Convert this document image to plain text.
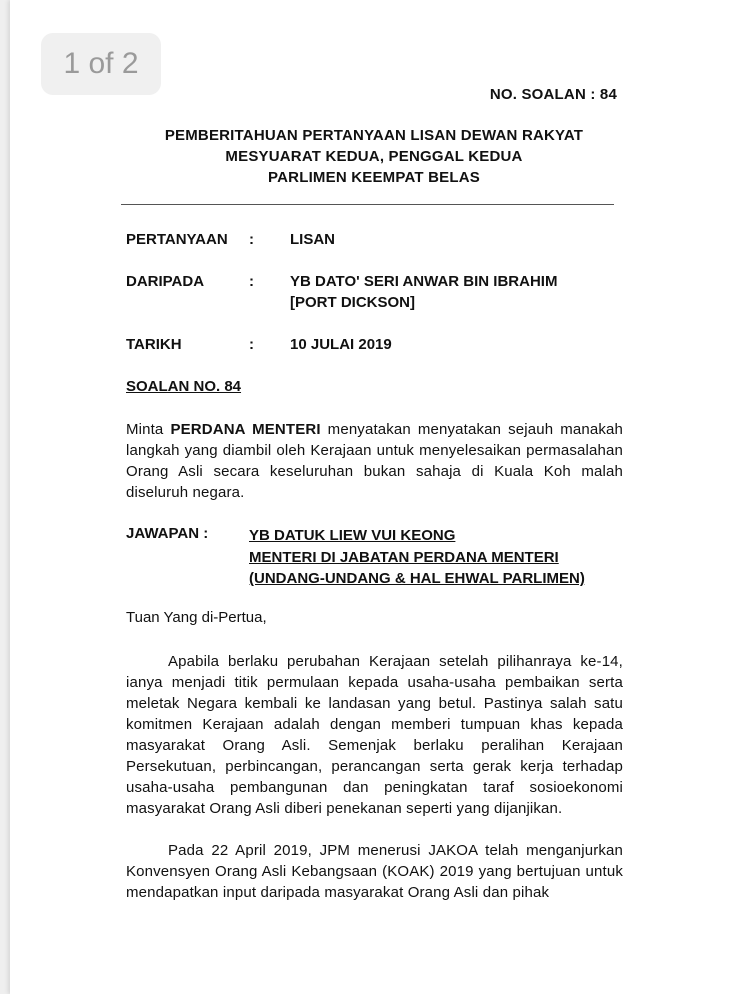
1 of 2
NO. SOALAN : 84
PEMBERITAHUAN PERTANYAAN LISAN DEWAN RAKYAT
MESYUARAT KEDUA, PENGGAL KEDUA
PARLIMEN KEEMPAT BELAS
PERTANYAAN : LISAN
DARIPADA	: YB DATO' SERI ANWAR BIN IBRAHIM
[PORT DICKSON]
TARIKH	: 10 JULAI 2019
SOALAN NO. 84
Minta PERDANA MENTERI menyatakan menyatakan sejauh manakah langkah yang diambil oleh Kerajaan untuk menyelesaikan permasalahan Orang Asli secara keseluruhan bukan sahaja di Kuala Koh malah diseluruh negara.
JAWAPAN :	YB DATUK LIEW VUI KEONG
MENTERI DI JABATAN PERDANA MENTERI
(UNDANG-UNDANG & HAL EHWAL PARLIMEN)
Tuan Yang di-Pertua,
Apabila berlaku perubahan Kerajaan setelah pilihanraya ke-14, ianya menjadi titik permulaan kepada usaha-usaha pembaikan serta meletak Negara kembali ke landasan yang betul. Pastinya salah satu komitmen Kerajaan adalah dengan memberi tumpuan khas kepada masyarakat Orang Asli. Semenjak berlaku peralihan Kerajaan Persekutuan, perbincangan, perancangan serta gerak kerja terhadap usaha-usaha pembangunan dan peningkatan taraf sosioekonomi masyarakat Orang Asli diberi penekanan seperti yang dijanjikan.
Pada 22 April 2019, JPM menerusi JAKOA telah menganjurkan Konvensyen Orang Asli Kebangsaan (KOAK) 2019 yang bertujuan untuk mendapatkan input daripada masyarakat Orang Asli dan pihak
